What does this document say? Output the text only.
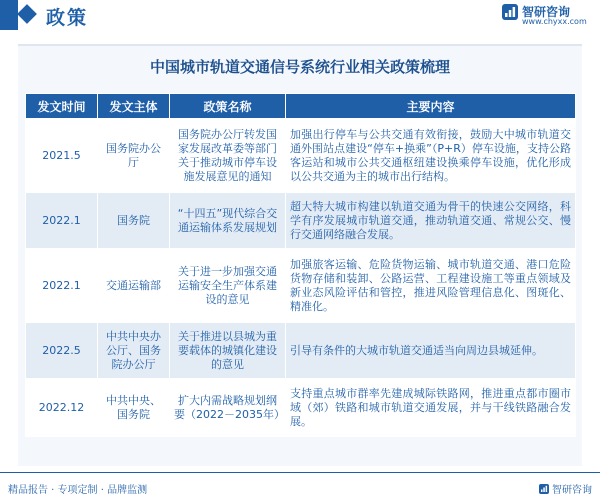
政策	智研咨询
www.chyxx.com
中国城市轨道交通信号系统行业相关政策梳理
发文时间	发文主体	政策名称	主要内容
2021.5	国务院办公厅	国务院办公厅转发国家发展改革委等部门关于推动城市停车设施发展意见的通知	加强出行停车与公共交通有效衔接，鼓励大中城市轨道交通外围站点建设“停车+换乘”（P+R）停车设施，支持公路客运站和城市公共交通枢纽建设换乘停车设施，优化形成以公共交通为主的城市出行结构。
2022.1	国务院	“十四五”现代综合交通运输体系发展规划	超大特大城市构建以轨道交通为骨干的快速公交网络，科学有序发展城市轨道交通，推动轨道交通、常规公交、慢行交通网络融合发展。
2022.1	交通运输部	关于进一步加强交通运输安全生产体系建设的意见	加强旅客运输、危险货物运输、城市轨道交通、港口危险货物存储和装卸、公路运营、工程建设施工等重点领域及新业态风险评估和管控，推进风险管理信息化、图斑化、精准化。
2022.5	中共中央办公厅、国务院办公厅	关于推进以县城为重要载体的城镇化建设的意见	引导有条件的大城市轨道交通适当向周边县城延伸。
2022.12	中共中央、国务院	扩大内需战略规划纲要（2022－2035年）	支持重点城市群率先建成城际铁路网，推进重点都市圈市域（郊）铁路和城市轨道交通发展，并与干线铁路融合发展。
精品报告 · 专项定制 · 品牌监测	智研咨询
